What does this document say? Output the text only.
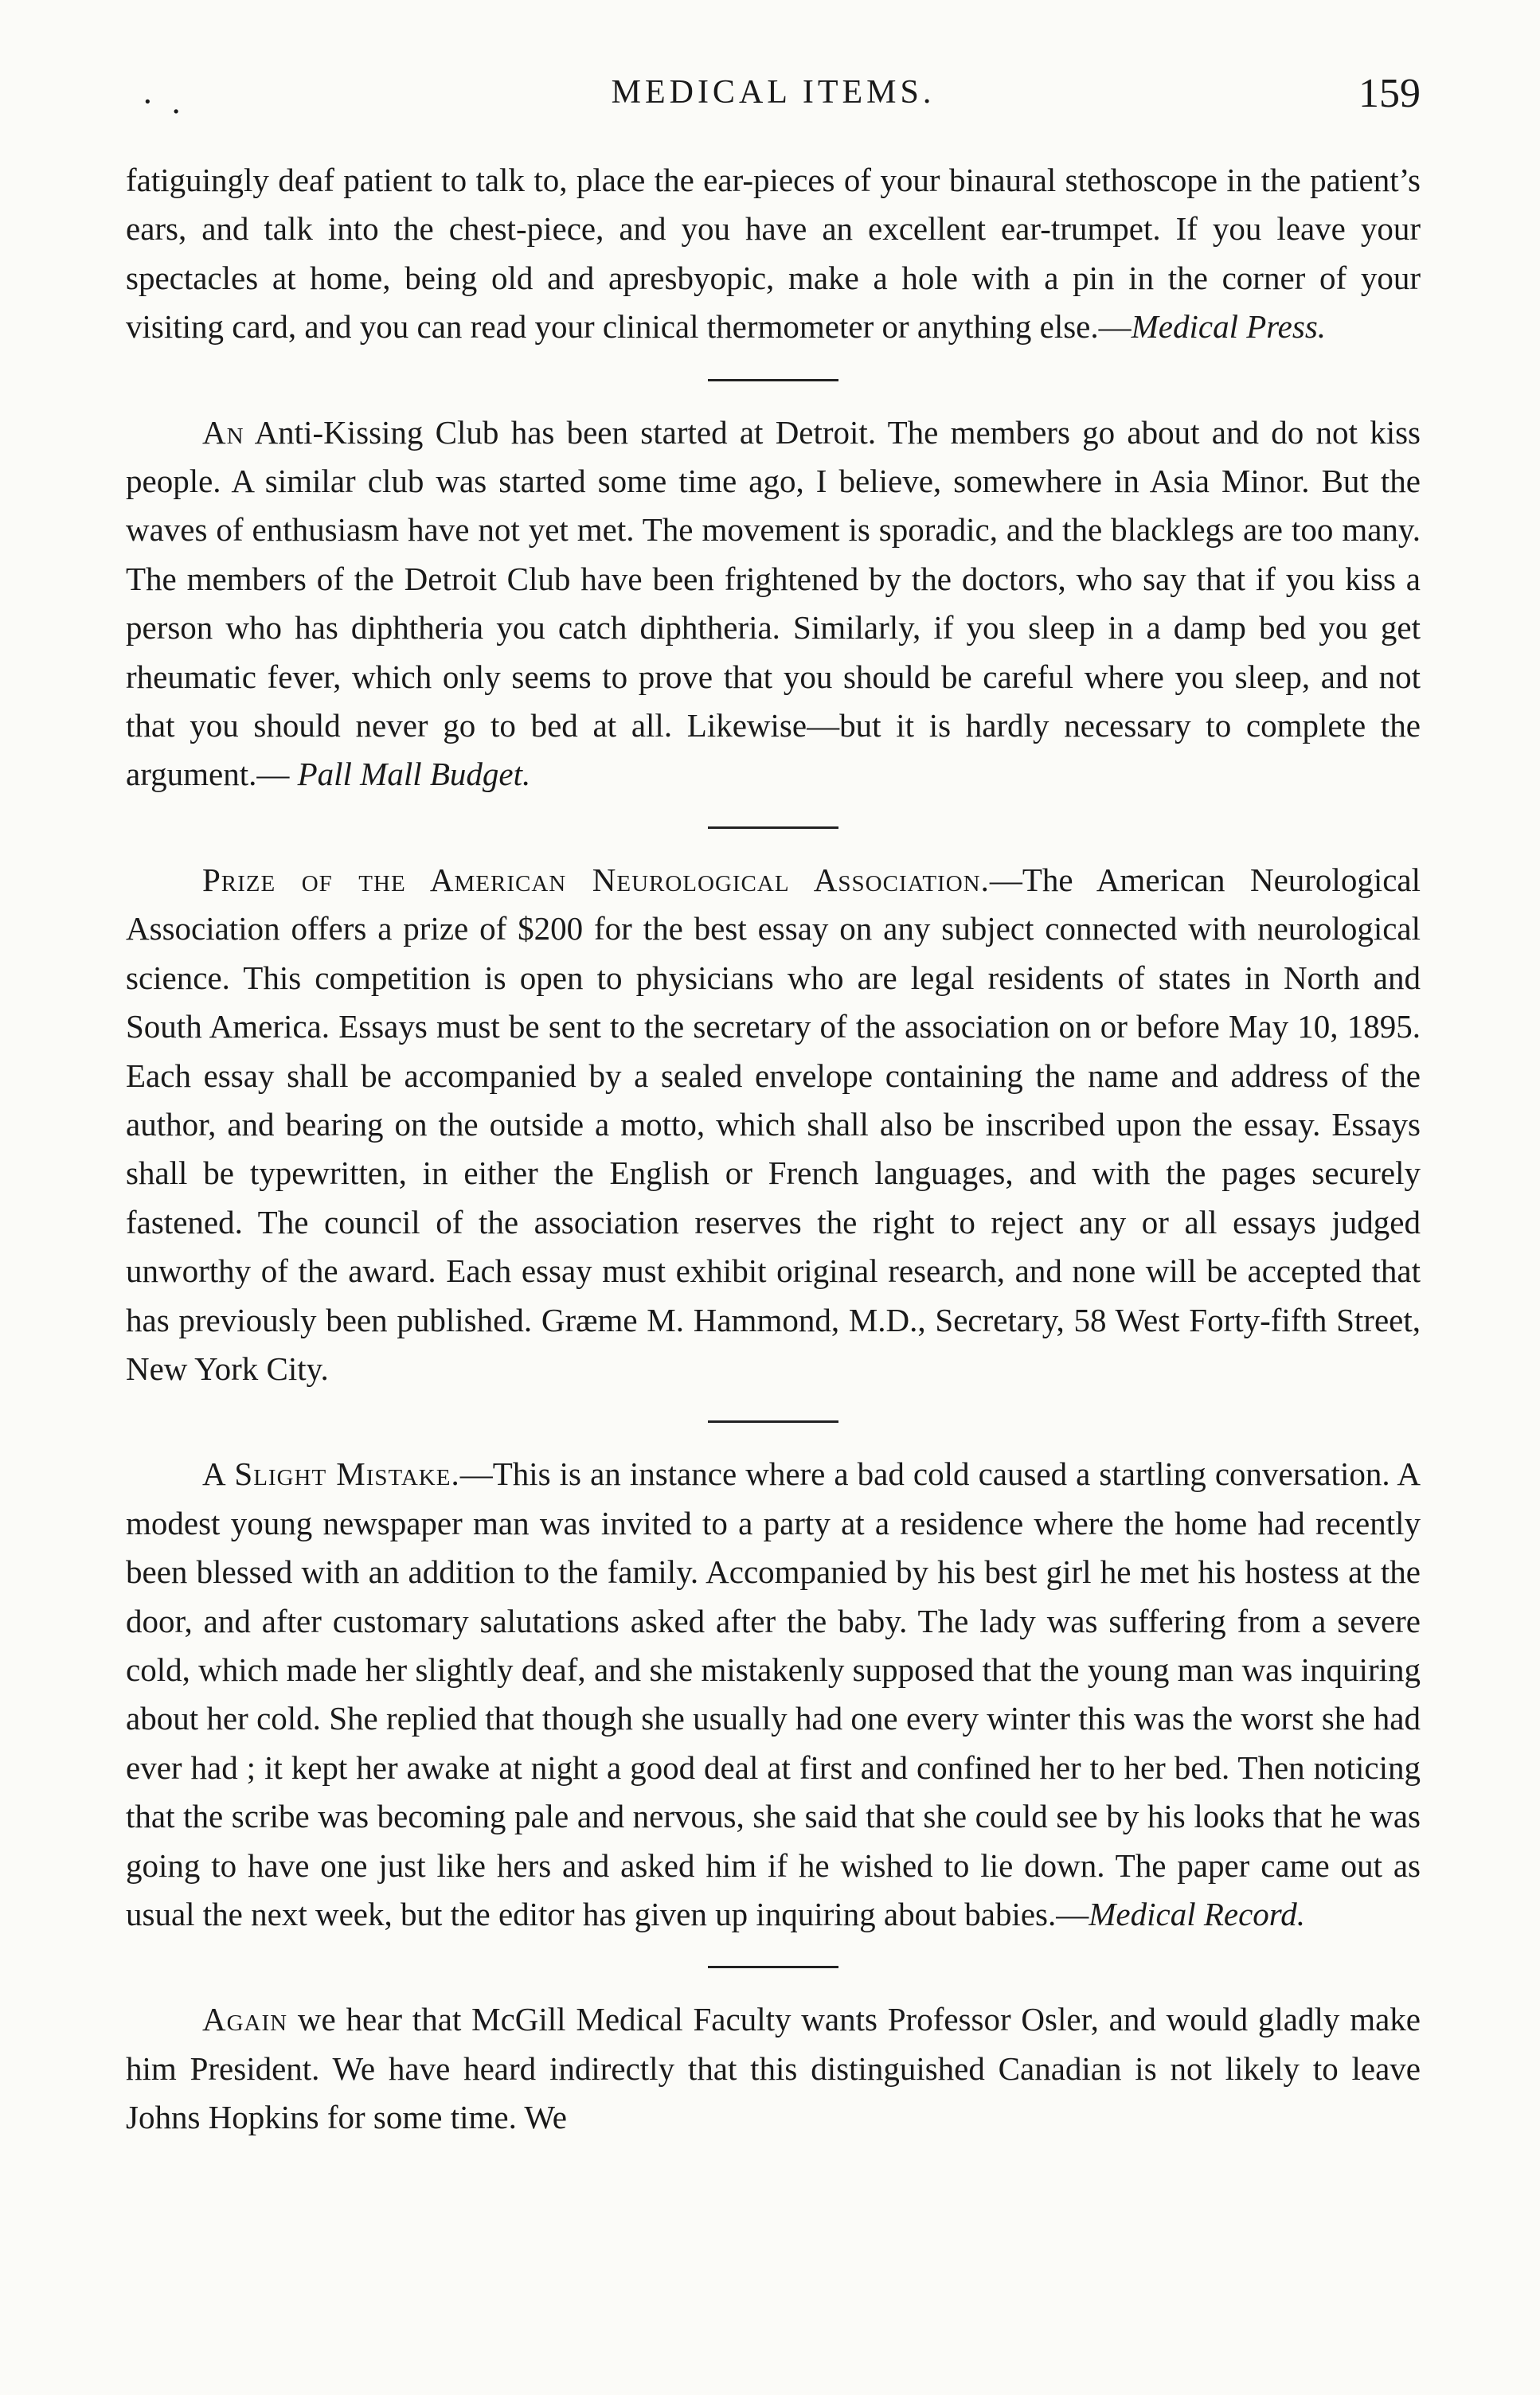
· .	MEDICAL ITEMS.	159

fatiguingly deaf patient to talk to, place the ear-pieces of your binaural stethoscope in the patient’s ears, and talk into the chest-piece, and you have an excellent ear-trumpet. If you leave your spectacles at home, being old and apresbyopic, make a hole with a pin in the corner of your visiting card, and you can read your clinical thermometer or anything else.—Medical Press.

An Anti-Kissing Club has been started at Detroit. The members go about and do not kiss people. A similar club was started some time ago, I believe, somewhere in Asia Minor. But the waves of enthusiasm have not yet met. The movement is sporadic, and the blacklegs are too many. The members of the Detroit Club have been frightened by the doctors, who say that if you kiss a person who has diphtheria you catch diphtheria. Similarly, if you sleep in a damp bed you get rheumatic fever, which only seems to prove that you should be careful where you sleep, and not that you should never go to bed at all. Likewise—but it is hardly necessary to complete the argument.— Pall Mall Budget.

Prize of the American Neurological Association.—The American Neurological Association offers a prize of $200 for the best essay on any subject connected with neurological science. This competition is open to physicians who are legal residents of states in North and South America. Essays must be sent to the secretary of the association on or before May 10, 1895. Each essay shall be accompanied by a sealed envelope containing the name and address of the author, and bearing on the outside a motto, which shall also be inscribed upon the essay. Essays shall be typewritten, in either the English or French languages, and with the pages securely fastened. The council of the association reserves the right to reject any or all essays judged unworthy of the award. Each essay must exhibit original research, and none will be accepted that has previously been published. Græme M. Hammond, M.D., Secretary, 58 West Forty-fifth Street, New York City.

A Slight Mistake.—This is an instance where a bad cold caused a startling conversation. A modest young newspaper man was invited to a party at a residence where the home had recently been blessed with an addition to the family. Accompanied by his best girl he met his hostess at the door, and after customary salutations asked after the baby. The lady was suffering from a severe cold, which made her slightly deaf, and she mistakenly supposed that the young man was inquiring about her cold. She replied that though she usually had one every winter this was the worst she had ever had ; it kept her awake at night a good deal at first and confined her to her bed. Then noticing that the scribe was becoming pale and nervous, she said that she could see by his looks that he was going to have one just like hers and asked him if he wished to lie down. The paper came out as usual the next week, but the editor has given up inquiring about babies.—Medical Record.

Again we hear that McGill Medical Faculty wants Professor Osler, and would gladly make him President. We have heard indirectly that this distinguished Canadian is not likely to leave Johns Hopkins for some time. We
